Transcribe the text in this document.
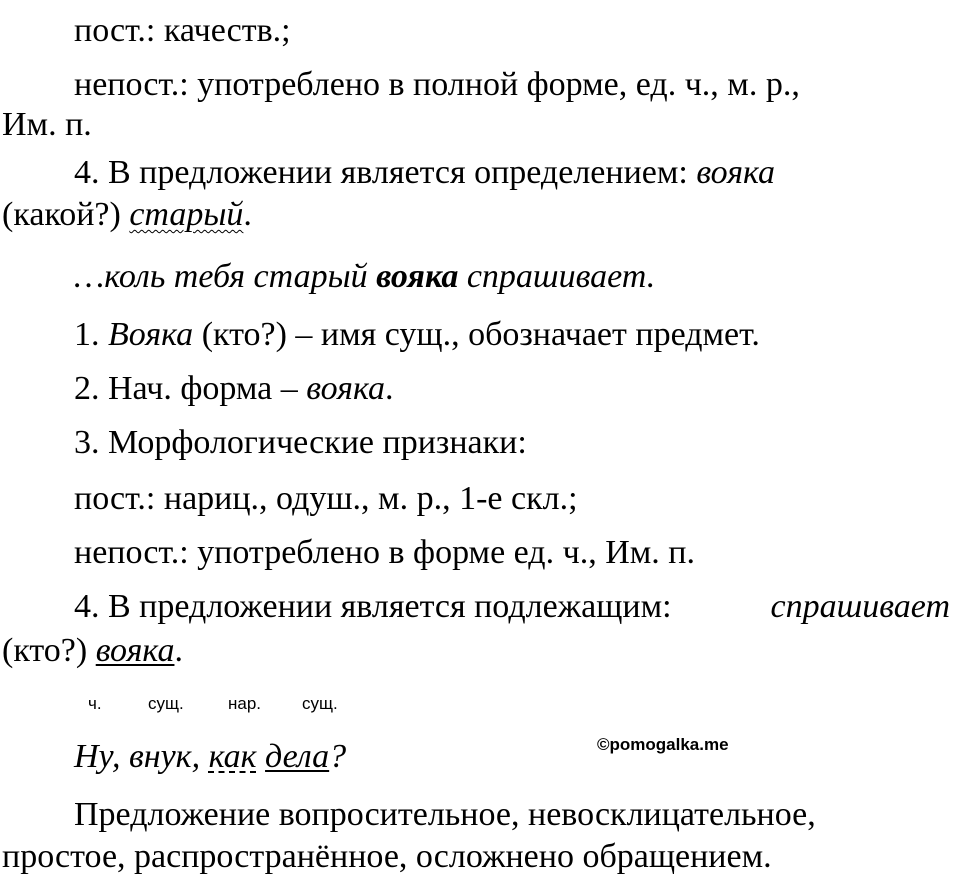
пост.: качеств.;
непост.: употреблено в полной форме, ед. ч., м. р.,
Им. п.
4. В предложении является определением: вояка
(какой?) старый.
…коль тебя старый вояка спрашивает.
1. Вояка (кто?) – имя сущ., обозначает предмет.
2. Нач. форма – вояка.
3. Морфологические признаки:
пост.: нариц., одуш., м. р., 1-е скл.;
непост.: употреблено в форме ед. ч., Им. п.
4. В предложении является подлежащим:	спрашивает
(кто?) вояка.
ч.	сущ.	нар. сущ.
Ну, внук, как дела?	©pomogalka.me
Предложение вопросительное, невосклицательное,
простое, распространённое, осложнено обращением.
